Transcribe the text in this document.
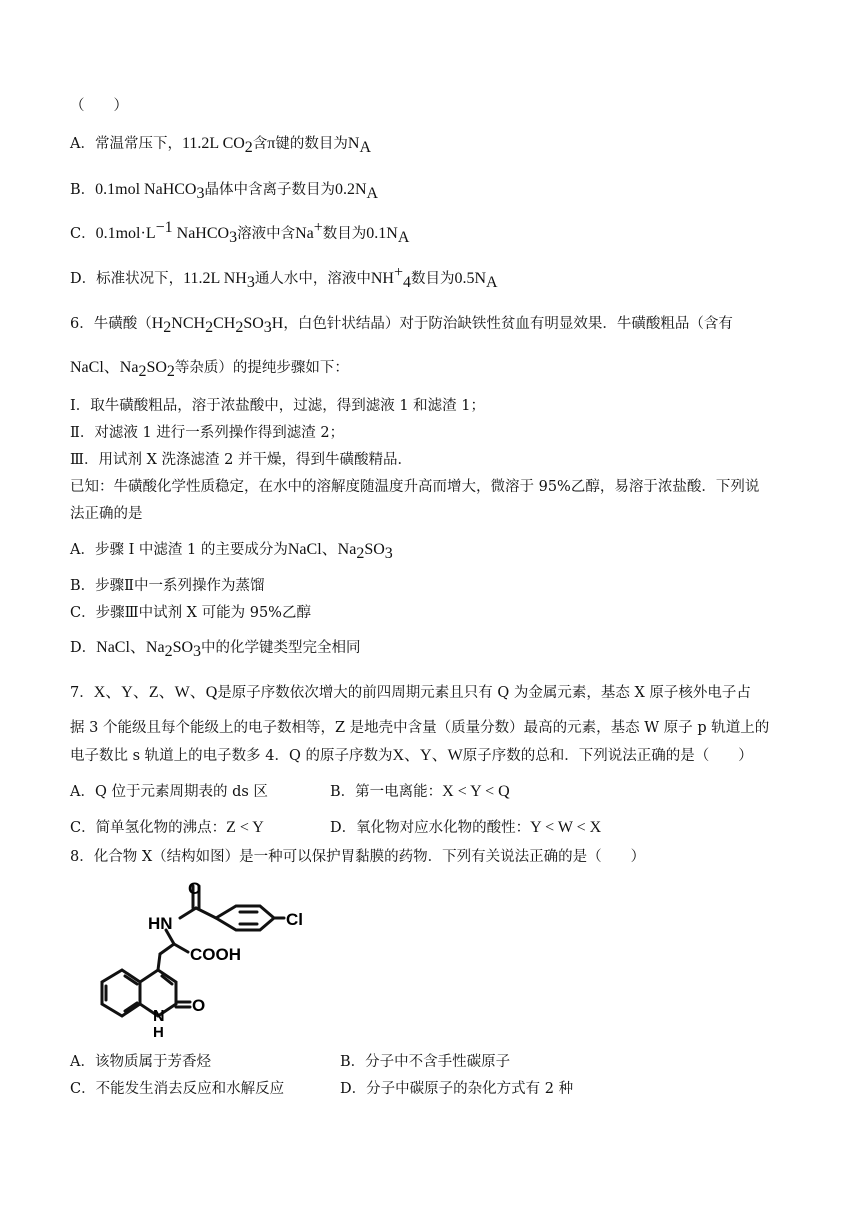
（　　）
A．常温常压下，11.2L $CO_2$含π键的数目为$N_A$
B．0.1mol NaHCO$_3$晶体中含离子数目为$0.2N_A$
C．$0.1mol\cdot L^{-1}$ NaHCO$_3$溶液中含Na+数目为$0.1N_A$
D．标准状况下，11.2L $NH_3$通人水中，溶液中$NH^+_4$数目为$0.5N_A$
6．牛磺酸（$H_2NCH_2CH_2SO_3H$，白色针状结晶）对于防治缺铁性贫血有明显效果．牛磺酸粗品（含有
NaCl、$Na_2SO_2$等杂质）的提纯步骤如下：
I．取牛磺酸粗品，溶于浓盐酸中，过滤，得到滤液 1 和滤渣 1；
Ⅱ．对滤液 1 进行一系列操作得到滤渣 2；
Ⅲ．用试剂 X 洗涤滤渣 2 并干燥，得到牛磺酸精品．
已知：牛磺酸化学性质稳定，在水中的溶解度随温度升高而增大，微溶于 95%乙醇，易溶于浓盐酸．下列说
法正确的是
A．步骤 I 中滤渣 1 的主要成分为NaCl、$Na_2SO_3$
B．步骤Ⅱ中一系列操作为蒸馏
C．步骤Ⅲ中试剂 X 可能为 95%乙醇
D．NaCl、$Na_2SO_3$中的化学键类型完全相同
7．X、Y、Z、W、Q是原子序数依次增大的前四周期元素且只有 Q 为金属元素，基态 X 原子核外电子占
据 3 个能级且每个能级上的电子数相等，Z 是地壳中含量（质量分数）最高的元素，基态 W 原子 p 轨道上的
电子数比 s 轨道上的电子数多 4．Q 的原子序数为X、Y、W原子序数的总和．下列说法正确的是（　　）
A．Q 位于元素周期表的 ds 区	B．第一电离能：X < Y < Q
C．简单氢化物的沸点：Z < Y	D．氧化物对应水化物的酸性：Y < W < X
8．化合物 X（结构如图）是一种可以保护胃黏膜的药物．下列有关说法正确的是（　　）
O
HN	Cl
COOH
N
H
O
A．该物质属于芳香烃	B．分子中不含手性碳原子
C．不能发生消去反应和水解反应	D．分子中碳原子的杂化方式有 2 种
